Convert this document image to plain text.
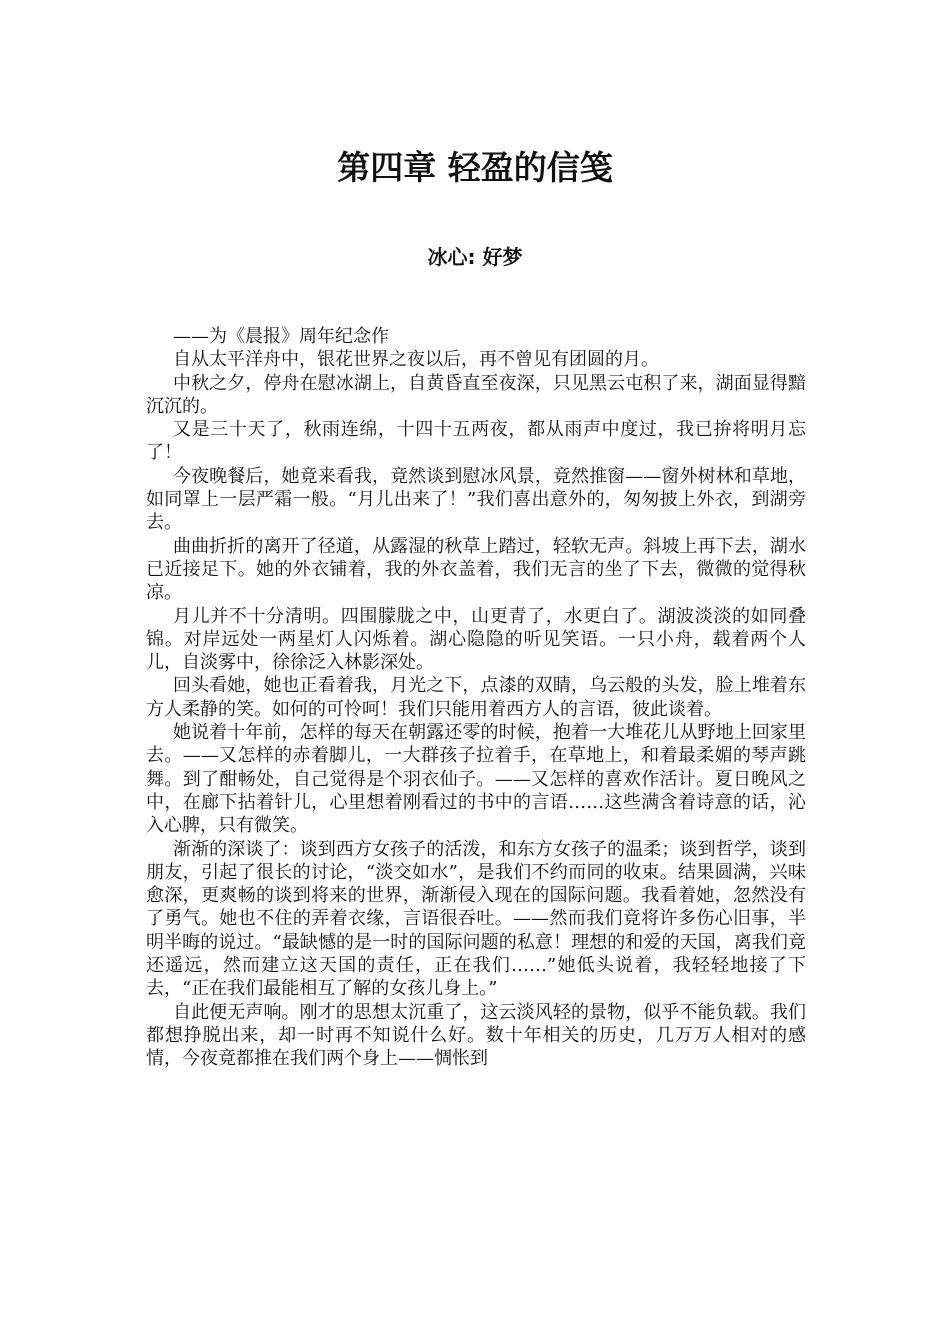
第四章 轻盈的信笺
冰心: 好梦

——为《晨报》周年纪念作

自从太平洋舟中，银花世界之夜以后，再不曾见有团圆的月。

中秋之夕，停舟在慰冰湖上，自黄昏直至夜深，只见黑云屯积了来，湖面显得黯沉沉的。

又是三十天了，秋雨连绵，十四十五两夜，都从雨声中度过，我已拚将明月忘了！

今夜晚餐后，她竟来看我，竟然谈到慰冰风景，竟然推窗——窗外树林和草地，如同罩上一层严霜一般。“月儿出来了！”我们喜出意外的，匆匆披上外衣，到湖旁去。

曲曲折折的离开了径道，从露湿的秋草上踏过，轻软无声。斜坡上再下去，湖水已近接足下。她的外衣铺着，我的外衣盖着，我们无言的坐了下去，微微的觉得秋凉。

月儿并不十分清明。四围朦胧之中，山更青了，水更白了。湖波淡淡的如同叠锦。对岸远处一两星灯人闪烁着。湖心隐隐的听见笑语。一只小舟，载着两个人儿，自淡雾中，徐徐泛入林影深处。

回头看她，她也正看着我，月光之下，点漆的双睛，乌云般的头发，脸上堆着东方人柔静的笑。如何的可怜呵！我们只能用着西方人的言语，彼此谈着。

她说着十年前，怎样的每天在朝露还零的时候，抱着一大堆花儿从野地上回家里去。——又怎样的赤着脚儿，一大群孩子拉着手，在草地上，和着最柔媚的琴声跳舞。到了酣畅处，自己觉得是个羽衣仙子。——又怎样的喜欢作活计。夏日晚风之中，在廊下拈着针儿，心里想着刚看过的书中的言语……这些满含着诗意的话，沁入心脾，只有微笑。

渐渐的深谈了：谈到西方女孩子的活泼，和东方女孩子的温柔；谈到哲学，谈到朋友，引起了很长的讨论，“淡交如水”，是我们不约而同的收束。结果圆满，兴味愈深，更爽畅的谈到将来的世界，渐渐侵入现在的国际问题。我看着她，忽然没有了勇气。她也不住的弄着衣缘，言语很吞吐。——然而我们竟将许多伤心旧事，半明半晦的说过。“最缺憾的是一时的国际问题的私意！理想的和爱的天国，离我们竟还遥远，然而建立这天国的责任，正在我们……”她低头说着，我轻轻地接了下去，“正在我们最能相互了解的女孩儿身上。”

自此便无声响。刚才的思想太沉重了，这云淡风轻的景物，似乎不能负载。我们都想挣脱出来，却一时再不知说什么好。数十年相关的历史，几万万人相对的感情，今夜竟都推在我们两个身上——惆怅到
